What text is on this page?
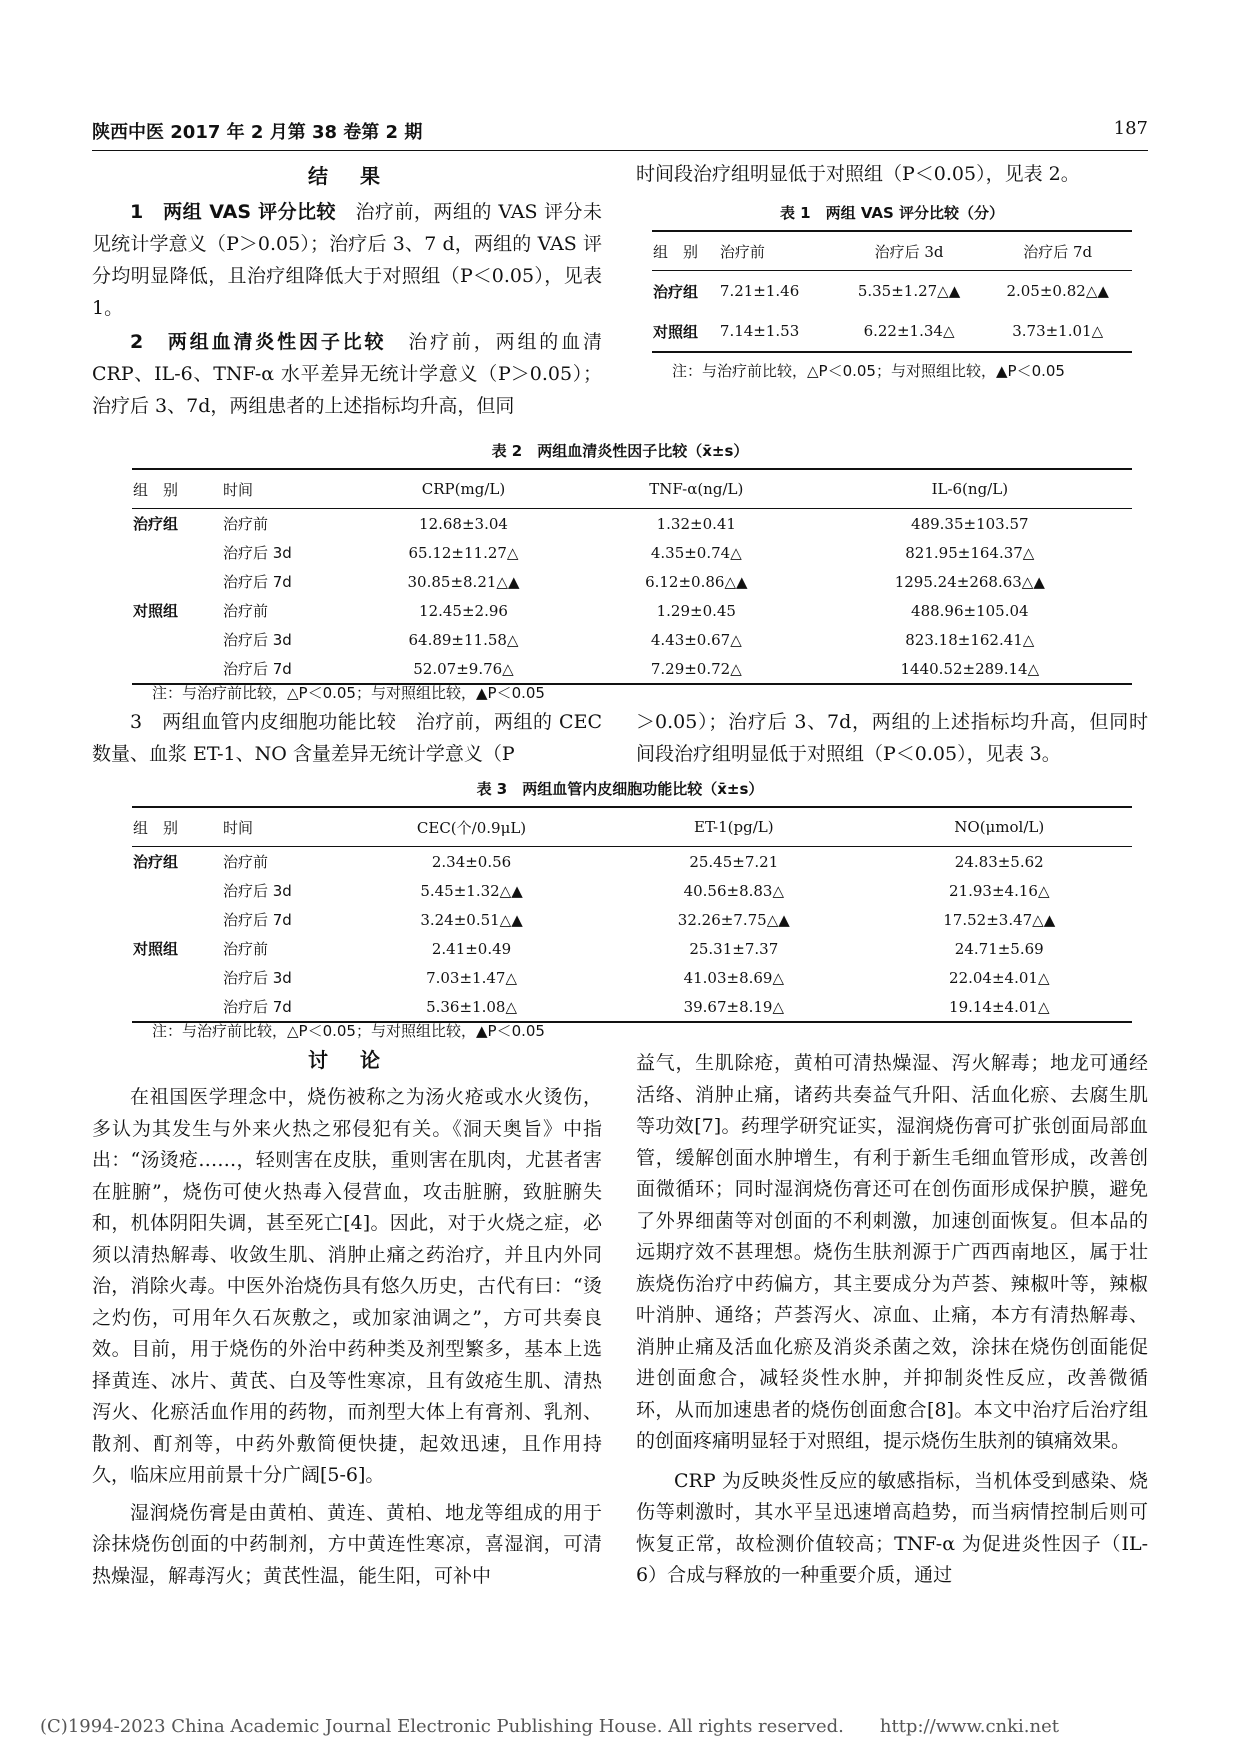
陕西中医 2017 年 2 月第 38 卷第 2 期	187
结　果

1　两组 VAS 评分比较　 治疗前，两组的 VAS 评分未见统计学意义（P＞0.05）；治疗后 3、7 d，两组的 VAS 评分均明显降低，且治疗组降低大于对照组（P＜0.05），见表 1。

2　两组血清炎性因子比较　 治疗前，两组的血清 CRP、IL-6、TNF-α 水平差异无统计学意义（P＞0.05）；治疗后 3、7d，两组患者的上述指标均升高，但同

时间段治疗组明显低于对照组（P＜0.05），见表 2。
表 1　两组 VAS 评分比较（分）
组　别	治疗前	治疗后 3d	治疗后 7d
治疗组	7.21±1.46	5.35±1.27△▲	2.05±0.82△▲
对照组	7.14±1.53	6.22±1.34△	3.73±1.01△
注：与治疗前比较，△P＜0.05；与对照组比较，▲P＜0.05
表 2　两组血清炎性因子比较（x̄±s）
组　别	时间	CRP(mg/L)	TNF-α(ng/L)	IL-6(ng/L)
治疗组	治疗前	12.68±3.04	1.32±0.41	489.35±103.57
	治疗后 3d	65.12±11.27△	4.35±0.74△	821.95±164.37△
	治疗后 7d	30.85±8.21△▲	6.12±0.86△▲	1295.24±268.63△▲
对照组	治疗前	12.45±2.96	1.29±0.45	488.96±105.04
	治疗后 3d	64.89±11.58△	4.43±0.67△	823.18±162.41△
	治疗后 7d	52.07±9.76△	7.29±0.72△	1440.52±289.14△
注：与治疗前比较，△P＜0.05；与对照组比较，▲P＜0.05
3　两组血管内皮细胞功能比较　治疗前，两组的 CEC 数量、血浆 ET-1、NO 含量差异无统计学意义（P
＞0.05）；治疗后 3、7d，两组的上述指标均升高，但同时间段治疗组明显低于对照组（P＜0.05），见表 3。
表 3　两组血管内皮细胞功能比较（x̄±s）
组　别	时间	CEC(个/0.9μL)	ET-1(pg/L)	NO(μmol/L)
治疗组	治疗前	2.34±0.56	25.45±7.21	24.83±5.62
	治疗后 3d	5.45±1.32△▲	40.56±8.83△	21.93±4.16△
	治疗后 7d	3.24±0.51△▲	32.26±7.75△▲	17.52±3.47△▲
对照组	治疗前	2.41±0.49	25.31±7.37	24.71±5.69
	治疗后 3d	7.03±1.47△	41.03±8.69△	22.04±4.01△
	治疗后 7d	5.36±1.08△	39.67±8.19△	19.14±4.01△
注：与治疗前比较，△P＜0.05；与对照组比较，▲P＜0.05
讨　论

在祖国医学理念中，烧伤被称之为汤火疮或水火烫伤，多认为其发生与外来火热之邪侵犯有关。《洞天奥旨》中指出：“汤烫疮……，轻则害在皮肤，重则害在肌肉，尤甚者害在脏腑”，烧伤可使火热毒入侵营血，攻击脏腑，致脏腑失和，机体阴阳失调，甚至死亡[4]。因此，对于火烧之症，必须以清热解毒、收敛生肌、消肿止痛之药治疗，并且内外同治，消除火毒。中医外治烧伤具有悠久历史，古代有曰：“烫之灼伤，可用年久石灰敷之，或加家油调之”，方可共奏良效。目前，用于烧伤的外治中药种类及剂型繁多，基本上选择黄连、冰片、黄芪、白及等性寒凉，且有敛疮生肌、清热泻火、化瘀活血作用的药物，而剂型大体上有膏剂、乳剂、散剂、酊剂等，中药外敷简便快捷，起效迅速，且作用持久，临床应用前景十分广阔[5-6]。

湿润烧伤膏是由黄柏、黄连、黄柏、地龙等组成的用于涂抹烧伤创面的中药制剂，方中黄连性寒凉，喜湿润，可清热燥湿，解毒泻火；黄芪性温，能生阳，可补中

益气，生肌除疮，黄柏可清热燥湿、泻火解毒；地龙可通经活络、消肿止痛，诸药共奏益气升阳、活血化瘀、去腐生肌等功效[7]。药理学研究证实，湿润烧伤膏可扩张创面局部血管，缓解创面水肿增生，有利于新生毛细血管形成，改善创面微循环；同时湿润烧伤膏还可在创伤面形成保护膜，避免了外界细菌等对创面的不利刺激，加速创面恢复。但本品的远期疗效不甚理想。烧伤生肤剂源于广西西南地区，属于壮族烧伤治疗中药偏方，其主要成分为芦荟、辣椒叶等，辣椒叶消肿、通络；芦荟泻火、凉血、止痛，本方有清热解毒、消肿止痛及活血化瘀及消炎杀菌之效，涂抹在烧伤创面能促进创面愈合，减轻炎性水肿，并抑制炎性反应，改善微循环，从而加速患者的烧伤创面愈合[8]。本文中治疗后治疗组的创面疼痛明显轻于对照组，提示烧伤生肤剂的镇痛效果。

CRP 为反映炎性反应的敏感指标，当机体受到感染、烧伤等刺激时，其水平呈迅速增高趋势，而当病情控制后则可恢复正常，故检测价值较高；TNF-α 为促进炎性因子（IL-6）合成与释放的一种重要介质，通过

(C)1994-2023 China Academic Journal Electronic Publishing House. All rights reserved.　　http://www.cnki.net
